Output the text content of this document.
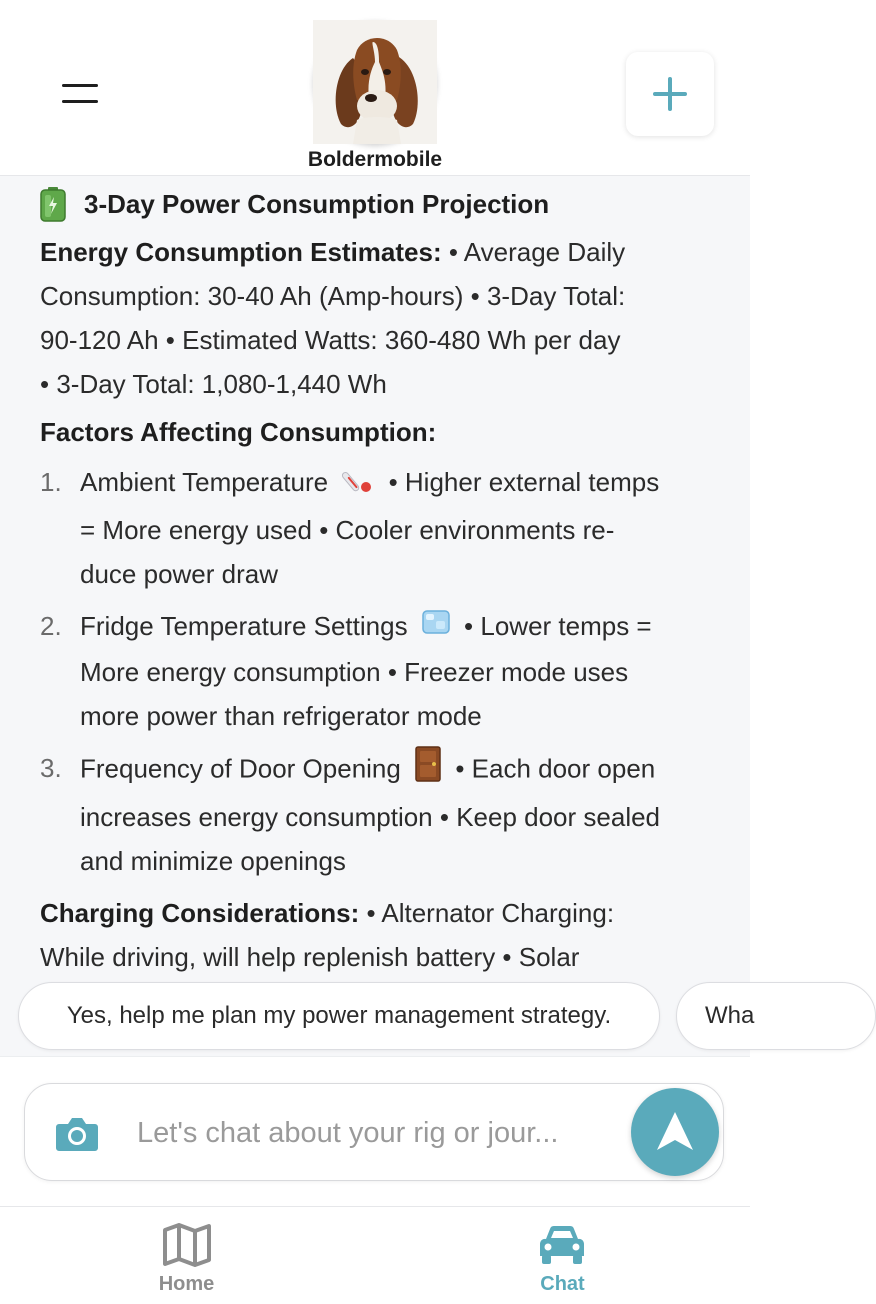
Boldermobile
3-Day Power Consumption Projection

Energy Consumption Estimates: • Average Daily
Consumption: 30-40 Ah (Amp-hours) • 3-Day Total:
90-120 Ah • Estimated Watts: 360-480 Wh per day
• 3-Day Total: 1,080-1,440 Wh

Factors Affecting Consumption:

1. Ambient Temperature • Higher external temps
= More energy used • Cooler environments re-
duce power draw
2. Fridge Temperature Settings • Lower temps =
More energy consumption • Freezer mode uses
more power than refrigerator mode
3. Frequency of Door Opening • Each door open
increases energy consumption • Keep door sealed
and minimize openings

Charging Considerations: • Alternator Charging:
While driving, will help replenish battery • Solar

Yes, help me plan my power management strategy.	Wha
Let's chat about your rig or jour...
Home	Chat
